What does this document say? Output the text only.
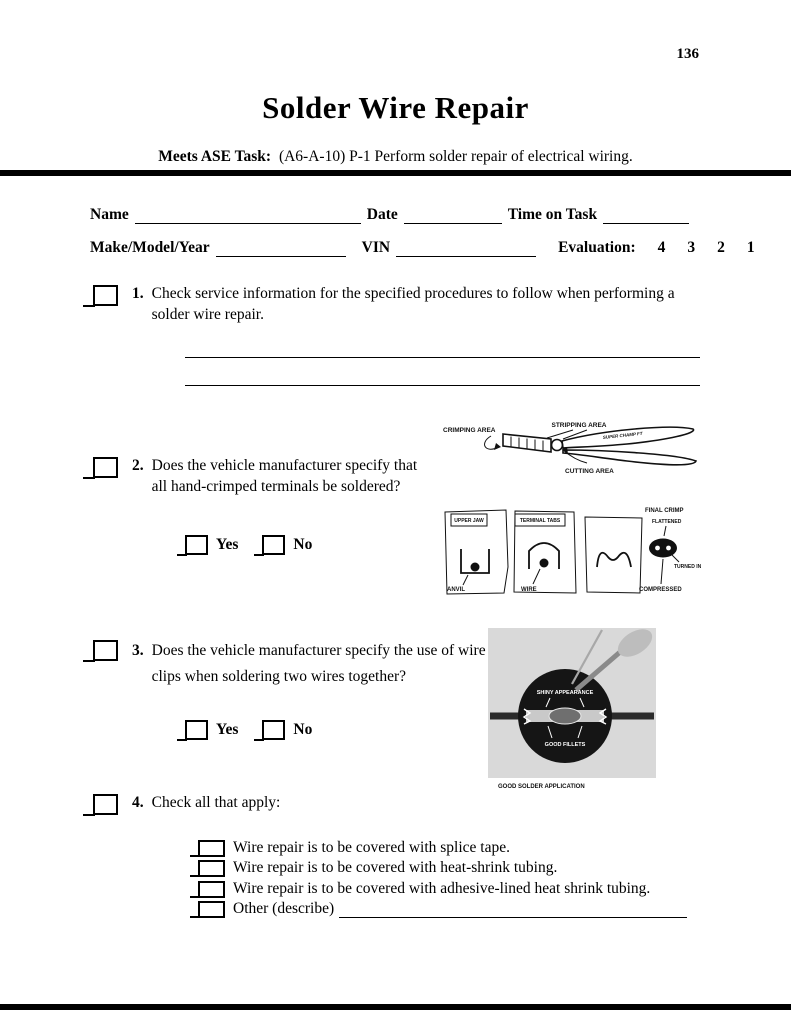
136
Solder Wire Repair
Meets ASE Task: (A6-A-10) P-1 Perform solder repair of electrical wiring.
Name	Date	Time on Task
Make/Model/Year	VIN	Evaluation: 4 3 2 1
1. Check service information for the specified procedures to follow when performing a solder wire repair.
2. Does the vehicle manufacturer specify that all hand-crimped terminals be soldered?
Yes	No
CRIMPING AREA
STRIPPING AREA
SUPER CHAMP FT
CUTTING AREA
UPPER JAW
ANVIL
TERMINAL TABS
WIRE
FINAL CRIMP
FLATTENED
TURNED IN
COMPRESSED
3. Does the vehicle manufacturer specify the use of wire clips when soldering two wires together?
Yes	No
SHINY APPEARANCE
GOOD FILLETS
GOOD SOLDER APPLICATION
4. Check all that apply:
Wire repair is to be covered with splice tape.
Wire repair is to be covered with heat-shrink tubing.
Wire repair is to be covered with adhesive-lined heat shrink tubing.
Other (describe)
